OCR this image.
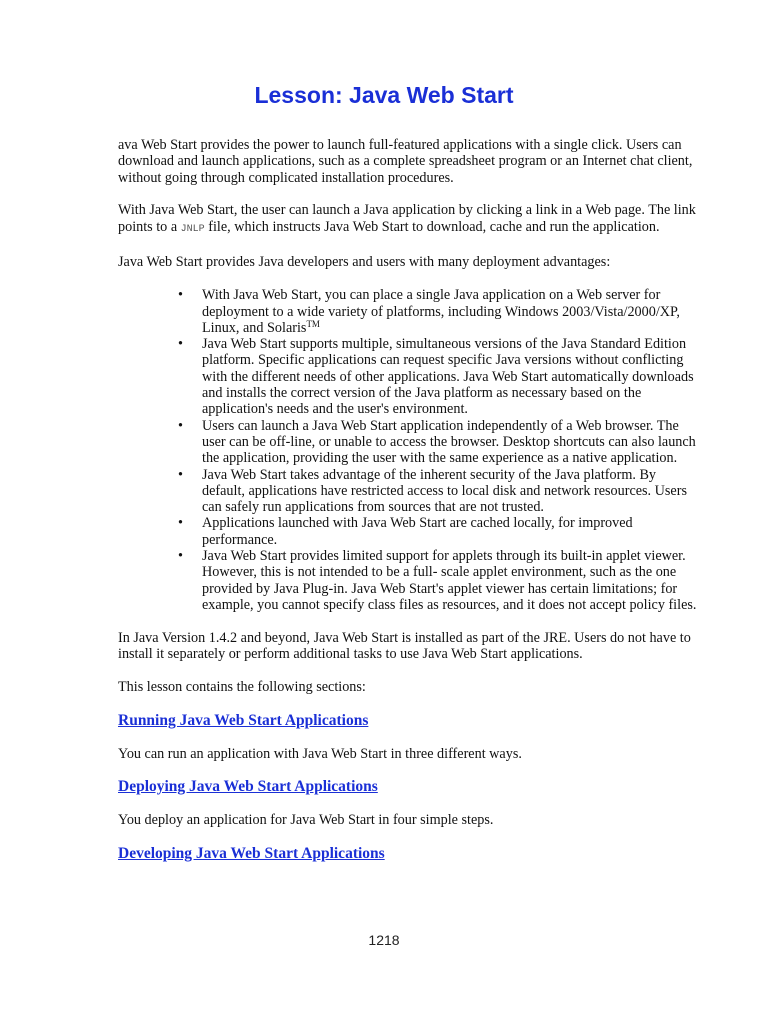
Lesson: Java Web Start

ava Web Start provides the power to launch full-featured applications with a single click. Users can download and launch applications, such as a complete spreadsheet program or an Internet chat client, without going through complicated installation procedures.

With Java Web Start, the user can launch a Java application by clicking a link in a Web page. The link points to a JNLP file, which instructs Java Web Start to download, cache and run the application.

Java Web Start provides Java developers and users with many deployment advantages:

• With Java Web Start, you can place a single Java application on a Web server for deployment to a wide variety of platforms, including Windows 2003/Vista/2000/XP, Linux, and Solaris™
• Java Web Start supports multiple, simultaneous versions of the Java Standard Edition platform. Specific applications can request specific Java versions without conflicting with the different needs of other applications. Java Web Start automatically downloads and installs the correct version of the Java platform as necessary based on the application's needs and the user's environment.
• Users can launch a Java Web Start application independently of a Web browser. The user can be off-line, or unable to access the browser. Desktop shortcuts can also launch the application, providing the user with the same experience as a native application.
• Java Web Start takes advantage of the inherent security of the Java platform. By default, applications have restricted access to local disk and network resources. Users can safely run applications from sources that are not trusted.
• Applications launched with Java Web Start are cached locally, for improved performance.
• Java Web Start provides limited support for applets through its built-in applet viewer. However, this is not intended to be a full- scale applet environment, such as the one provided by Java Plug-in. Java Web Start's applet viewer has certain limitations; for example, you cannot specify class files as resources, and it does not accept policy files.

In Java Version 1.4.2 and beyond, Java Web Start is installed as part of the JRE. Users do not have to install it separately or perform additional tasks to use Java Web Start applications.

This lesson contains the following sections:

Running Java Web Start Applications

You can run an application with Java Web Start in three different ways.

Deploying Java Web Start Applications

You deploy an application for Java Web Start in four simple steps.

Developing Java Web Start Applications
1218
